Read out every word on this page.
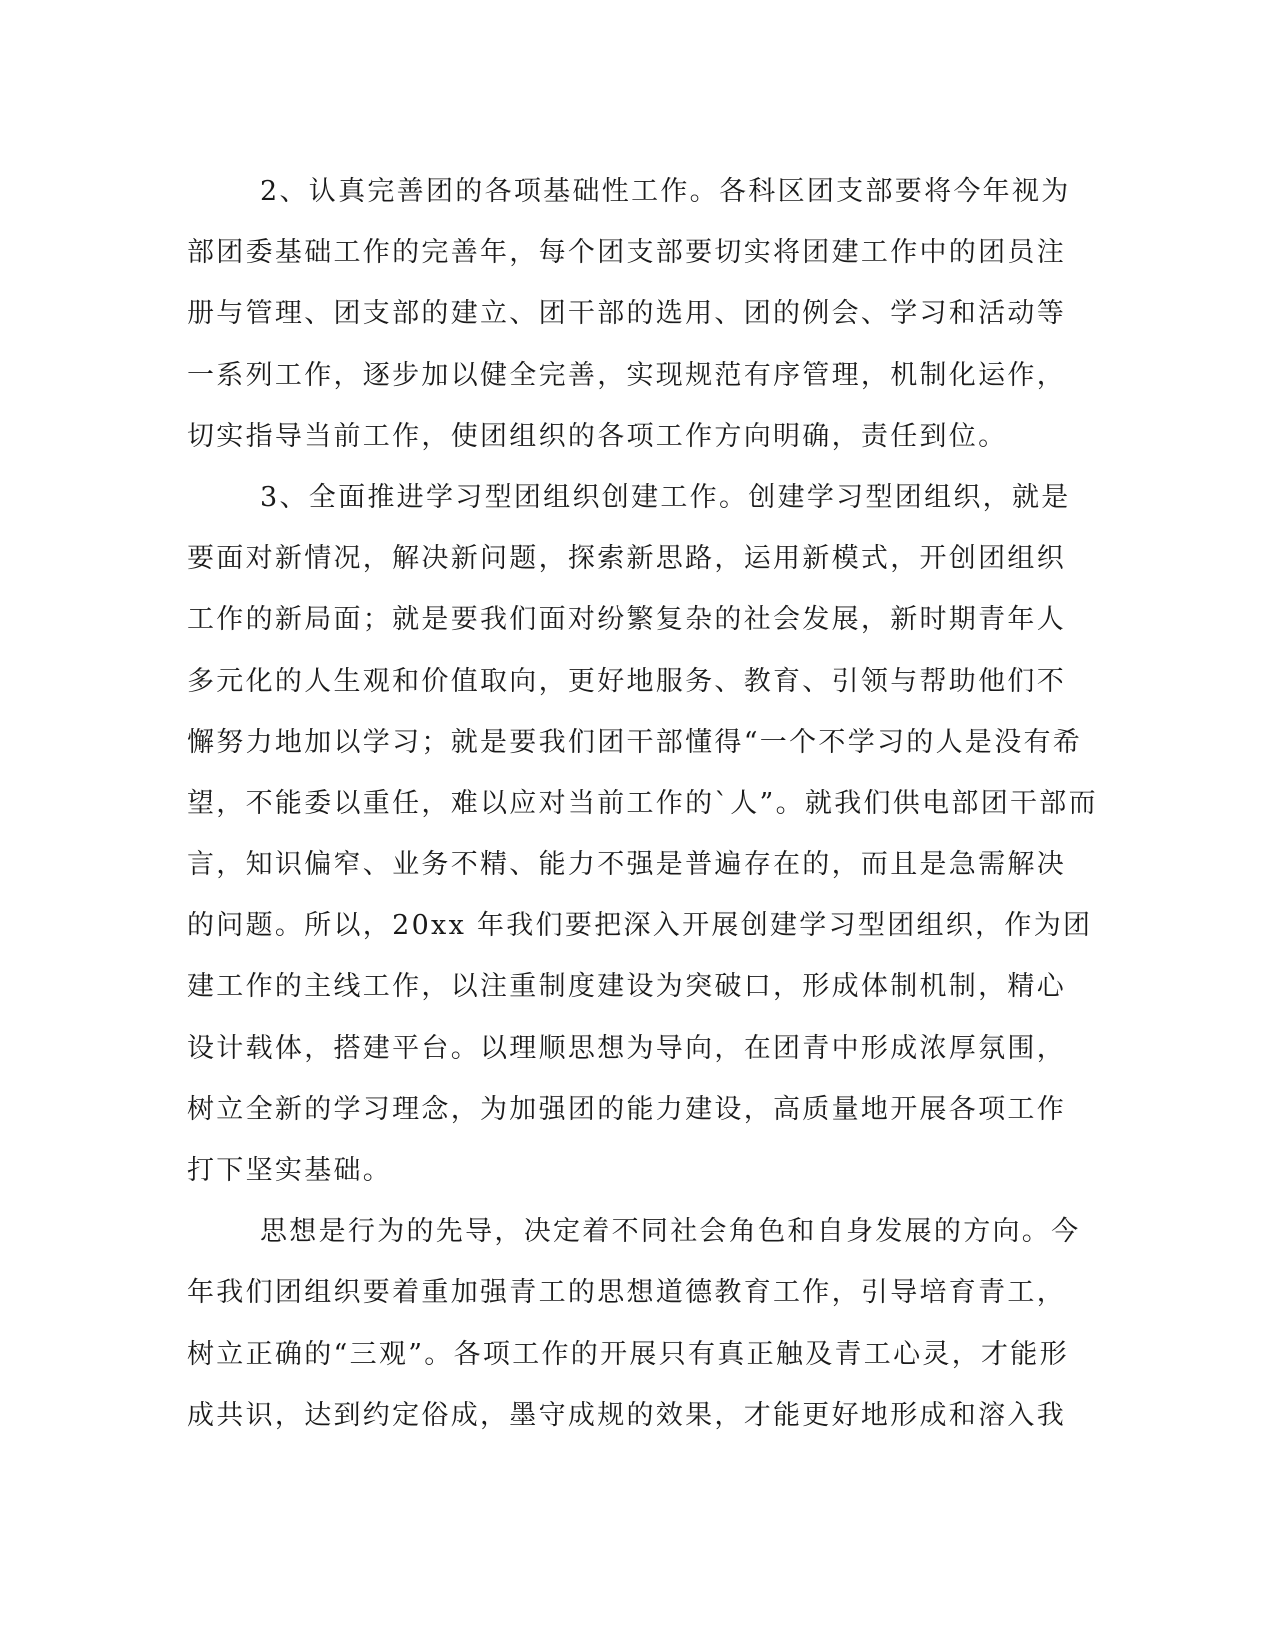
2、认真完善团的各项基础性工作。各科区团支部要将今年视为
部团委基础工作的完善年，每个团支部要切实将团建工作中的团员注
册与管理、团支部的建立、团干部的选用、团的例会、学习和活动等
一系列工作，逐步加以健全完善，实现规范有序管理，机制化运作，
切实指导当前工作，使团组织的各项工作方向明确，责任到位。
3、全面推进学习型团组织创建工作。创建学习型团组织，就是
要面对新情况，解决新问题，探索新思路，运用新模式，开创团组织
工作的新局面；就是要我们面对纷繁复杂的社会发展，新时期青年人
多元化的人生观和价值取向，更好地服务、教育、引领与帮助他们不
懈努力地加以学习；就是要我们团干部懂得“一个不学习的人是没有希
望，不能委以重任，难以应对当前工作的`人”。就我们供电部团干部而
言，知识偏窄、业务不精、能力不强是普遍存在的，而且是急需解决
的问题。所以，20xx 年我们要把深入开展创建学习型团组织，作为团
建工作的主线工作，以注重制度建设为突破口，形成体制机制，精心
设计载体，搭建平台。以理顺思想为导向，在团青中形成浓厚氛围，
树立全新的学习理念，为加强团的能力建设，高质量地开展各项工作
打下坚实基础。
思想是行为的先导，决定着不同社会角色和自身发展的方向。今
年我们团组织要着重加强青工的思想道德教育工作，引导培育青工，
树立正确的“三观”。各项工作的开展只有真正触及青工心灵，才能形
成共识，达到约定俗成，墨守成规的效果，才能更好地形成和溶入我
